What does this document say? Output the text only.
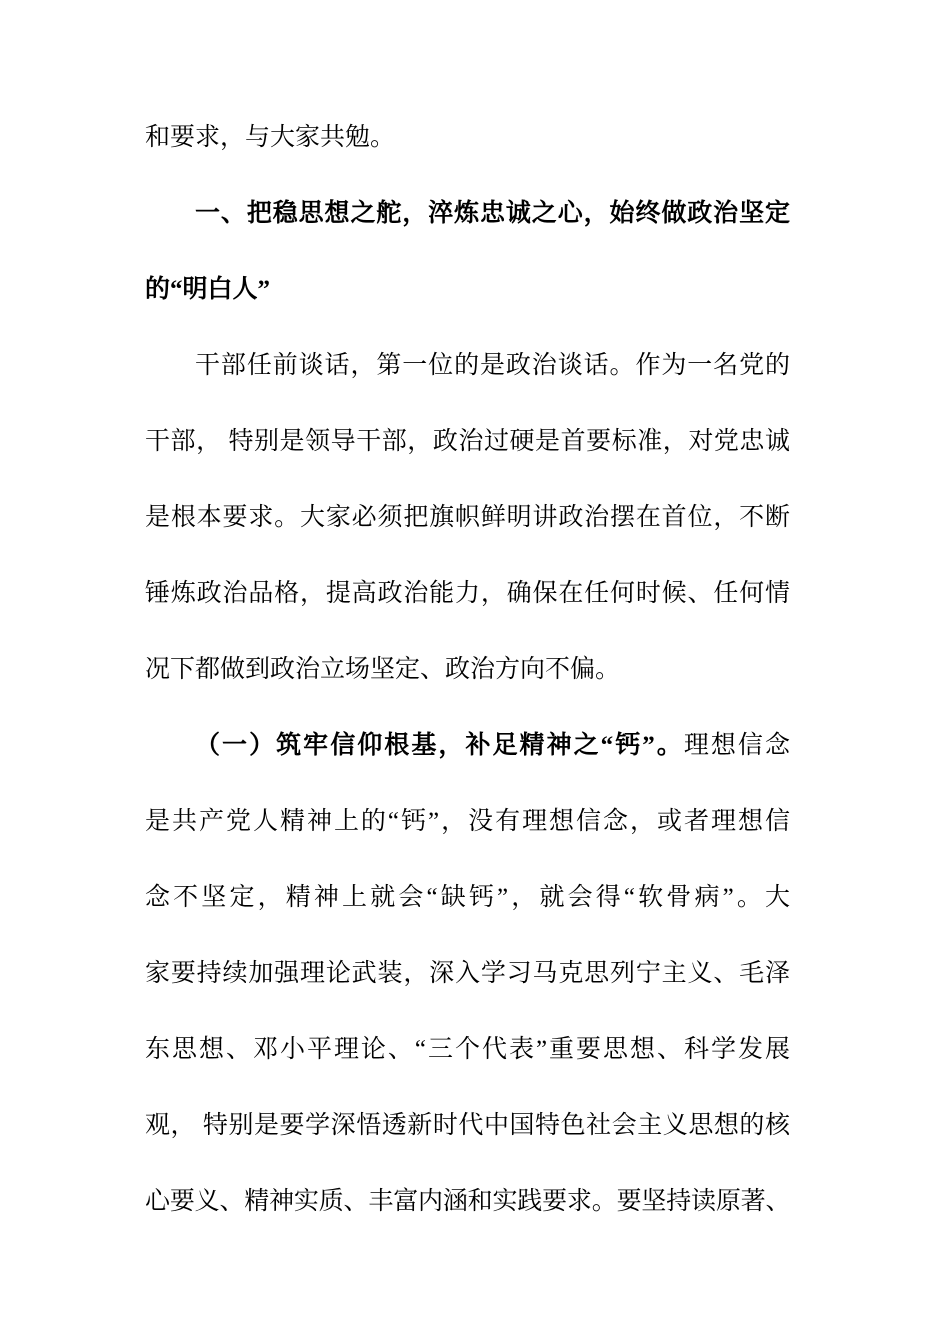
和要求，与大家共勉。
一、把稳思想之舵，淬炼忠诚之心，始终做政治坚定
的“明白人”
干部任前谈话，第一位的是政治谈话。作为一名党的
干部， 特别是领导干部，政治过硬是首要标准，对党忠诚
是根本要求。大家必须把旗帜鲜明讲政治摆在首位，不断
锤炼政治品格，提高政治能力，确保在任何时候、任何情
况下都做到政治立场坚定、政治方向不偏。
（一）筑牢信仰根基，补足精神之“钙”。理想信念
是共产党人精神上的“钙”，没有理想信念，或者理想信
念不坚定，精神上就会“缺钙”，就会得“软骨病”。大
家要持续加强理论武装，深入学习马克思列宁主义、毛泽
东思想、邓小平理论、“三个代表”重要思想、科学发展
观， 特别是要学深悟透新时代中国特色社会主义思想的核
心要义、精神实质、丰富内涵和实践要求。要坚持读原著、
